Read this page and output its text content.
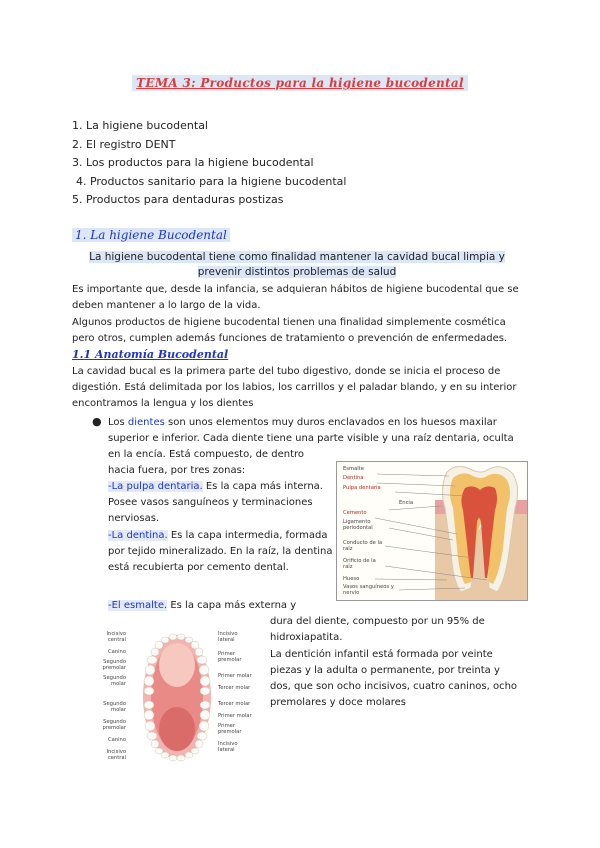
TEMA 3: Productos para la higiene bucodental
1. La higiene bucodental
2. El registro DENT
3. Los productos para la higiene bucodental
4. Productos sanitario para la higiene bucodental
5. Productos para dentaduras postizas
1. La higiene Bucodental
La higiene bucodental tiene como finalidad mantener la cavidad bucal limpia y prevenir distintos problemas de salud
Es importante que, desde la infancia, se adquieran hábitos de higiene bucodental que se deben mantener a lo largo de la vida.
Algunos productos de higiene bucodental tienen una finalidad simplemente cosmética pero otros, cumplen además funciones de tratamiento o prevención de enfermedades.
1.1 Anatomía Bucodental
La cavidad bucal es la primera parte del tubo digestivo, donde se inicia el proceso de digestión. Está delimitada por los labios, los carrillos y el paladar blando, y en su interior encontramos la lengua y los dientes
● Los dientes son unos elementos muy duros enclavados en los huesos maxilar superior e inferior. Cada diente tiene una parte visible y una raíz dentaria, oculta en la encía. Está compuesto, de dentro
hacia fuera, por tres zonas:
-La pulpa dentaria. Es la capa más interna. Posee vasos sanguíneos y terminaciones nerviosas.
-La dentina. Es la capa intermedia, formada por tejido mineralizado. En la raíz, la dentina está recubierta por cemento dental.
-El esmalte. Es la capa más externa y
dura del diente, compuesto por un 95% de hidroxiapatita.
La dentición infantil está formada por veinte piezas y la adulta o permanente, por treinta y dos, que son ocho incisivos, cuatro caninos, ocho premolares y doce molares
Esmalte
Dentina
Pulpa dentaria
Encía
Cemento
Ligamento periodontal
Conducto de la raíz
Orificio de la raíz
Hueso
Vasos sanguíneos y nervio
Incisivo central
Canino
Segundo premolar
Segundo molar
Segundo molar
Segundo premolar
Canino
Incisivo central
Incisivo lateral
Primer premolar
Primer molar
Tercer molar
Tercer molar
Primer molar
Primer premolar
Incisivo lateral
